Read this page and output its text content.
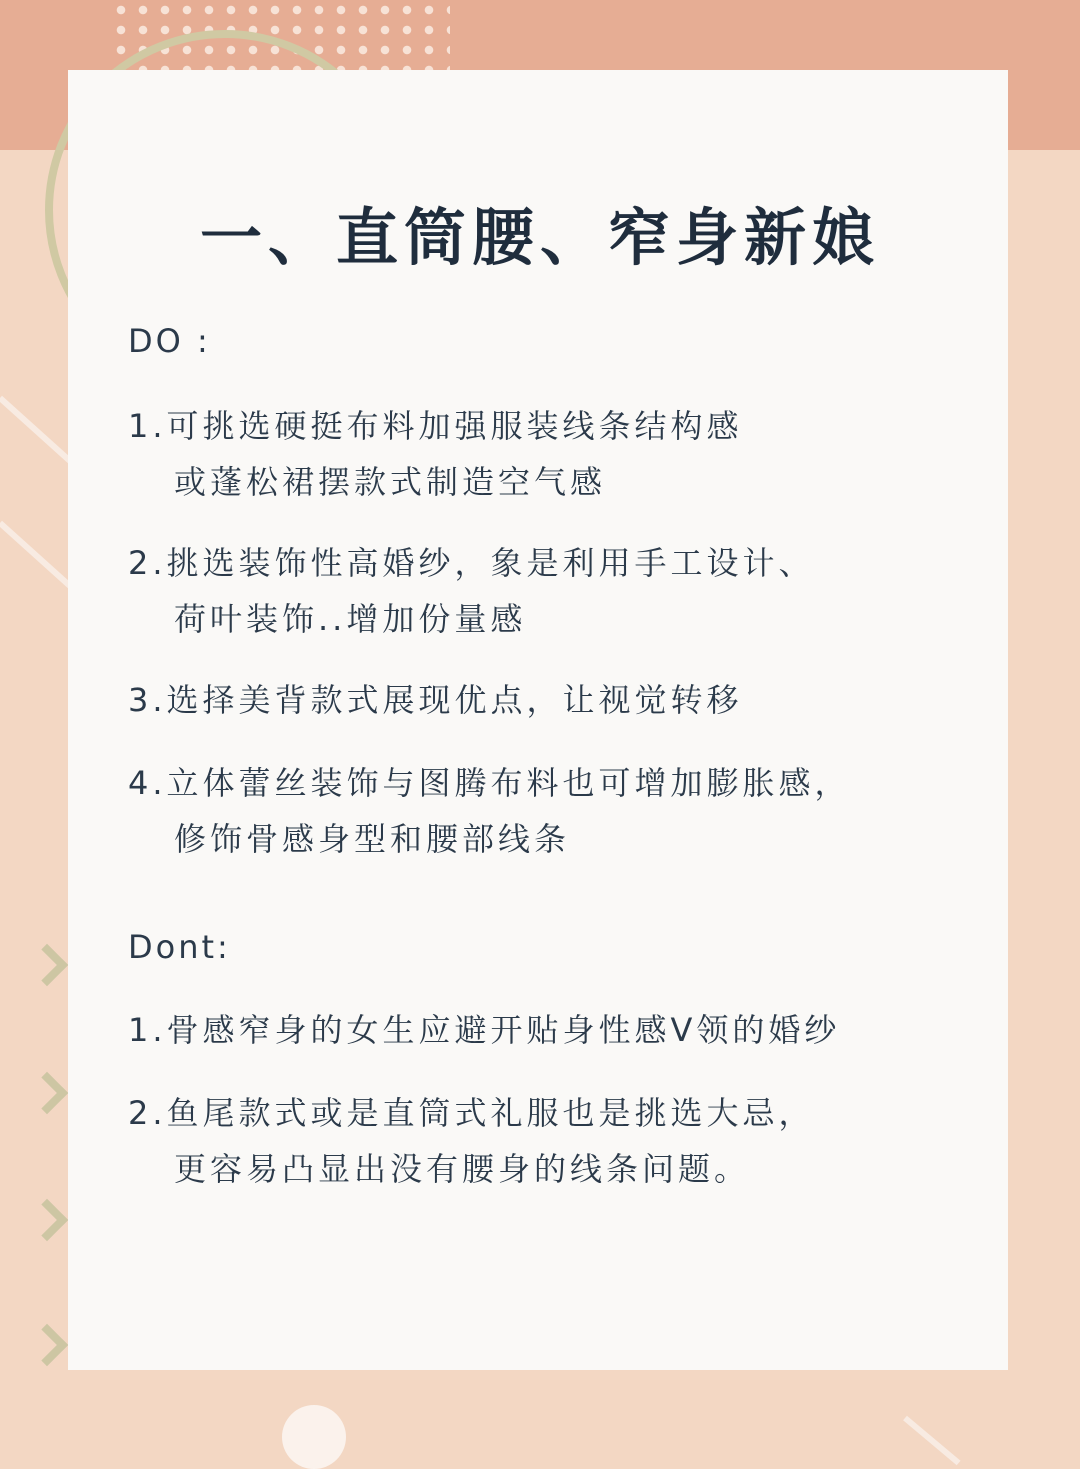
一、直筒腰、窄身新娘
DO :
1.可挑选硬挺布料加强服装线条结构感
或蓬松裙摆款式制造空气感
2.挑选装饰性高婚纱，象是利用手工设计、
荷叶装饰..增加份量感
3.选择美背款式展现优点，让视觉转移
4.立体蕾丝装饰与图腾布料也可增加膨胀感，
修饰骨感身型和腰部线条
Dont:
1.骨感窄身的女生应避开贴身性感V领的婚纱
2.鱼尾款式或是直筒式礼服也是挑选大忌，
更容易凸显出没有腰身的线条问题。
